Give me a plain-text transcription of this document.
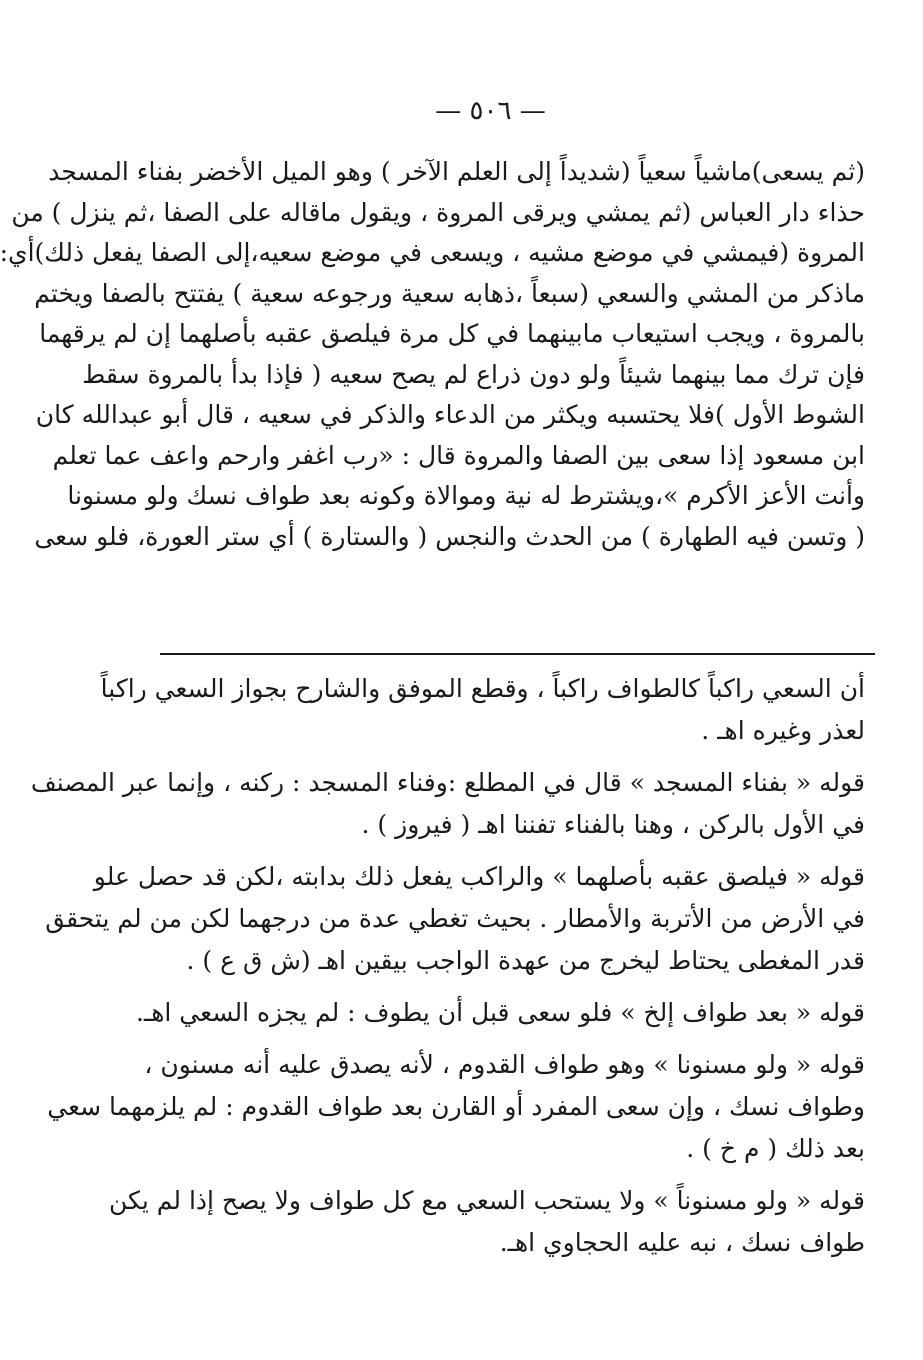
— ٥٠٦ —
(ثم يسعى)ماشياً سعياً (شديداً إلى العلم الآخر ) وهو الميل الأخضر بفناء المسجد
حذاء دار العباس (ثم يمشي ويرقى المروة ، ويقول ماقاله على الصفا ،ثم ينزل ) من
المروة (فيمشي في موضع مشيه ، ويسعى في موضع سعيه،إلى الصفا يفعل ذلك)أي:
ماذكر من المشي والسعي (سبعاً ،ذهابه سعية ورجوعه سعية ) يفتتح بالصفا ويختم
بالمروة ، ويجب استيعاب مابينهما في كل مرة فيلصق عقبه بأصلهما إن لم يرقهما
فإن ترك مما بينهما شيئاً ولو دون ذراع لم يصح سعيه ( فإذا بدأ بالمروة سقط
الشوط الأول )فلا يحتسبه ويكثر من الدعاء والذكر في سعيه ، قال أبو عبدالله كان
ابن مسعود إذا سعى بين الصفا والمروة قال : «رب اغفر وارحم واعف عما تعلم
وأنت الأعز الأكرم »،ويشترط له نية وموالاة وكونه بعد طواف نسك ولو مسنونا
( وتسن فيه الطهارة ) من الحدث والنجس ( والستارة ) أي ستر العورة، فلو سعى
أن السعي راكباً كالطواف راكباً ، وقطع الموفق والشارح بجواز السعي راكباً
لعذر وغيره اهـ .
قوله « بفناء المسجد » قال في المطلع :وفناء المسجد : ركنه ، وإنما عبر المصنف
في الأول بالركن ، وهنا بالفناء تفننا اهـ ( فيروز ) .
قوله « فيلصق عقبه بأصلهما » والراكب يفعل ذلك بدابته ،لكن قد حصل علو
في الأرض من الأتربة والأمطار . بحيث تغطي عدة من درجهما لكن من لم يتحقق
قدر المغطى يحتاط ليخرج من عهدة الواجب بيقين اهـ (ش ق ع ) .
قوله « بعد طواف إلخ » فلو سعى قبل أن يطوف : لم يجزه السعي اهـ.
قوله « ولو مسنونا » وهو طواف القدوم ، لأنه يصدق عليه أنه مسنون ،
وطواف نسك ، وإن سعى المفرد أو القارن بعد طواف القدوم : لم يلزمهما سعي
بعد ذلك ( م خ ) .
قوله « ولو مسنوناً » ولا يستحب السعي مع كل طواف ولا يصح إذا لم يكن
طواف نسك ، نبه عليه الحجاوي اهـ.
